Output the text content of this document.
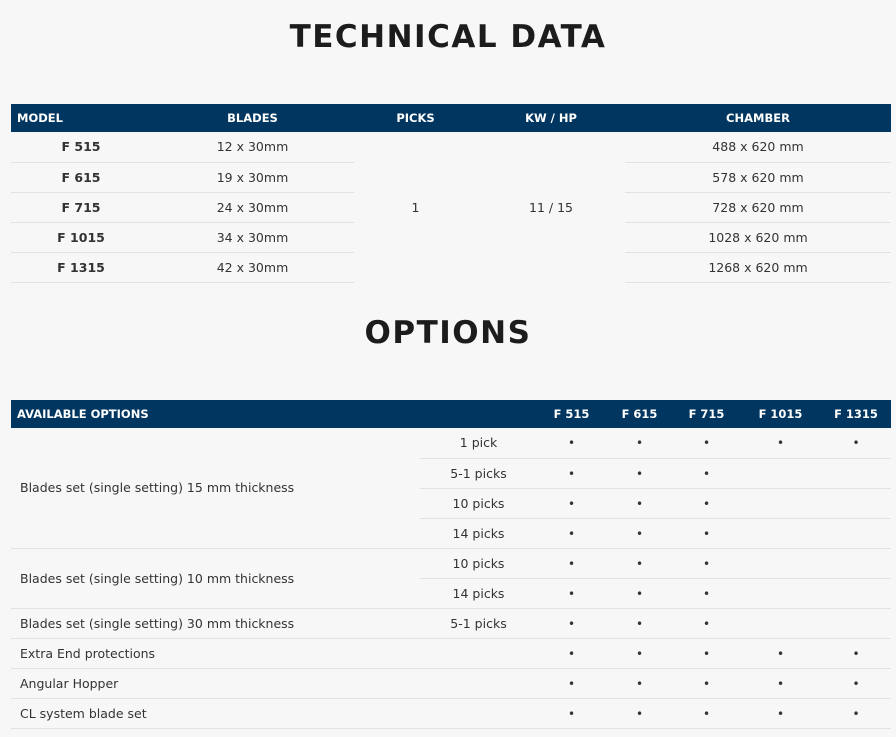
TECHNICAL DATA
MODEL	BLADES	PICKS	KW / HP	CHAMBER
F 515	12 x 30mm	1	11 / 15	488 x 620 mm
F 615	19 x 30mm			578 x 620 mm
F 715	24 x 30mm			728 x 620 mm
F 1015	34 x 30mm			1028 x 620 mm
F 1315	42 x 30mm			1268 x 620 mm
OPTIONS
AVAILABLE OPTIONS		F 515	F 615	F 715	F 1015	F 1315
Blades set (single setting) 15 mm thickness	1 pick	•	•	•	•	•
	5-1 picks	•	•	•		
	10 picks	•	•	•		
	14 picks	•	•	•		
Blades set (single setting) 10 mm thickness	10 picks	•	•	•		
	14 picks	•	•	•		
Blades set (single setting) 30 mm thickness	5-1 picks	•	•	•		
Extra End protections		•	•	•	•	•
Angular Hopper		•	•	•	•	•
CL system blade set		•	•	•	•	•
